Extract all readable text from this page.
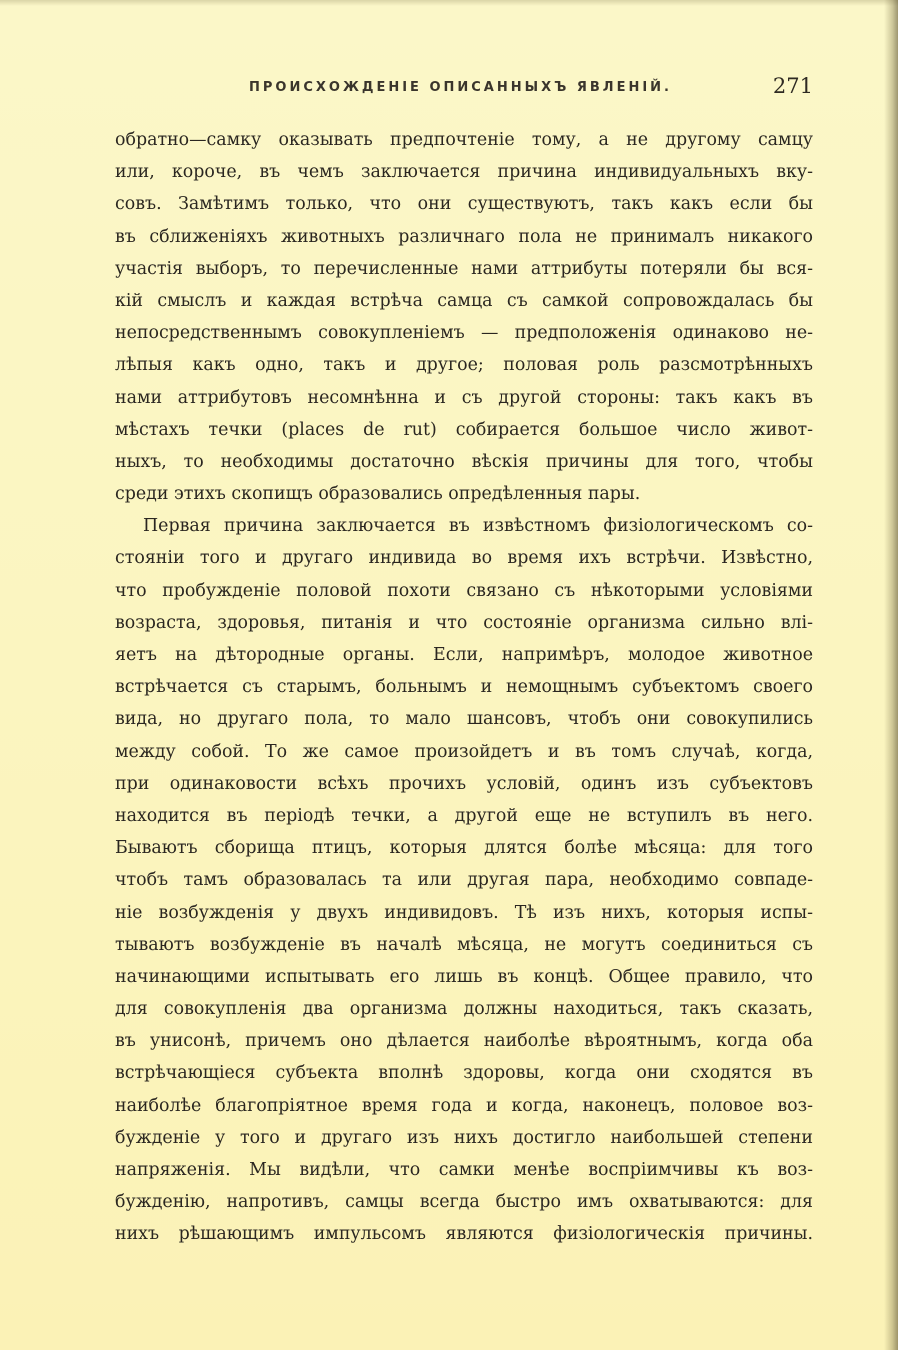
ПРОИСХОЖДЕНІЕ ОПИСАННЫХЪ ЯВЛЕНІЙ.	271
обратно—самку оказывать предпочтеніе тому, а не другому самцу
или, короче, въ чемъ заключается причина индивидуальныхъ вку-
совъ. Замѣтимъ только, что они существуютъ, такъ какъ если бы
въ сближеніяхъ животныхъ различнаго пола не принималъ никакого
участія выборъ, то перечисленные нами аттрибуты потеряли бы вся-
кій смыслъ и каждая встрѣча самца съ самкой сопровождалась бы
непосредственнымъ совокупленіемъ — предположенія одинаково не-
лѣпыя какъ одно, такъ и другое; половая роль разсмотрѣнныхъ
нами аттрибутовъ несомнѣнна и съ другой стороны: такъ какъ въ
мѣстахъ течки (places de rut) собирается большое число живот-
ныхъ, то необходимы достаточно вѣскія причины для того, чтобы
среди этихъ скопищъ образовались опредѣленныя пары.
Первая причина заключается въ извѣстномъ физіологическомъ со-
стояніи того и другаго индивида во время ихъ встрѣчи. Извѣстно,
что пробужденіе половой похоти связано съ нѣкоторыми условіями
возраста, здоровья, питанія и что состояніе организма сильно влі-
яетъ на дѣтородные органы. Если, напримѣръ, молодое животное
встрѣчается съ старымъ, больнымъ и немощнымъ субъектомъ своего
вида, но другаго пола, то мало шансовъ, чтобъ они совокупились
между собой. То же самое произойдетъ и въ томъ случаѣ, когда,
при одинаковости всѣхъ прочихъ условій, одинъ изъ субъектовъ
находится въ періодѣ течки, а другой еще не вступилъ въ него.
Бываютъ сборища птицъ, которыя длятся болѣе мѣсяца: для того
чтобъ тамъ образовалась та или другая пара, необходимо совпаде-
ніе возбужденія у двухъ индивидовъ. Тѣ изъ нихъ, которыя испы-
тываютъ возбужденіе въ началѣ мѣсяца, не могутъ соединиться съ
начинающими испытывать его лишь въ концѣ. Общее правило, что
для совокупленія два организма должны находиться, такъ сказать,
въ унисонѣ, причемъ оно дѣлается наиболѣе вѣроятнымъ, когда оба
встрѣчающіеся субъекта вполнѣ здоровы, когда они сходятся въ
наиболѣе благопріятное время года и когда, наконецъ, половое воз-
бужденіе у того и другаго изъ нихъ достигло наибольшей степени
напряженія. Мы видѣли, что самки менѣе воспріимчивы къ воз-
бужденію, напротивъ, самцы всегда быстро имъ охватываются: для
нихъ рѣшающимъ импульсомъ являются физіологическія причины.
